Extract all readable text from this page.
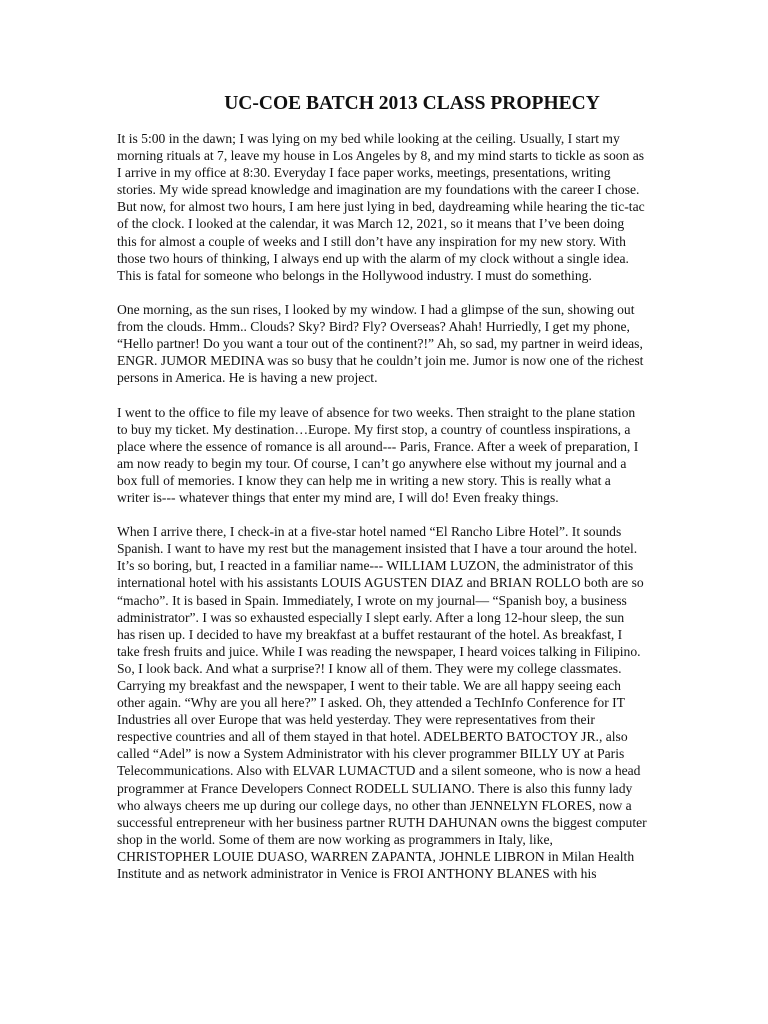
UC-COE BATCH 2013 CLASS PROPHECY
It is 5:00 in the dawn; I was lying on my bed while looking at the ceiling. Usually, I start my
morning rituals at 7, leave my house in Los Angeles by 8, and my mind starts to tickle as soon as
I arrive in my office at 8:30. Everyday I face paper works, meetings, presentations, writing
stories. My wide spread knowledge and imagination are my foundations with the career I chose.
But now, for almost two hours, I am here just lying in bed, daydreaming while hearing the tic-tac
of the clock. I looked at the calendar, it was March 12, 2021, so it means that I’ve been doing
this for almost a couple of weeks and I still don’t have any inspiration for my new story. With
those two hours of thinking, I always end up with the alarm of my clock without a single idea.
This is fatal for someone who belongs in the Hollywood industry. I must do something.
One morning, as the sun rises, I looked by my window. I had a glimpse of the sun, showing out
from the clouds. Hmm.. Clouds? Sky? Bird? Fly? Overseas? Ahah! Hurriedly, I get my phone,
“Hello partner! Do you want a tour out of the continent?!” Ah, so sad, my partner in weird ideas,
ENGR. JUMOR MEDINA was so busy that he couldn’t join me. Jumor is now one of the richest
persons in America. He is having a new project.
I went to the office to file my leave of absence for two weeks. Then straight to the plane station
to buy my ticket. My destination…Europe. My first stop, a country of countless inspirations, a
place where the essence of romance is all around--- Paris, France. After a week of preparation, I
am now ready to begin my tour. Of course, I can’t go anywhere else without my journal and a
box full of memories. I know they can help me in writing a new story. This is really what a
writer is--- whatever things that enter my mind are, I will do! Even freaky things.
When I arrive there, I check-in at a five-star hotel named “El Rancho Libre Hotel”. It sounds
Spanish. I want to have my rest but the management insisted that I have a tour around the hotel.
It’s so boring, but, I reacted in a familiar name--- WILLIAM LUZON, the administrator of this
international hotel with his assistants LOUIS AGUSTEN DIAZ and BRIAN ROLLO both are so
“macho”. It is based in Spain. Immediately, I wrote on my journal— “Spanish boy, a business
administrator”. I was so exhausted especially I slept early. After a long 12-hour sleep, the sun
has risen up. I decided to have my breakfast at a buffet restaurant of the hotel. As breakfast, I
take fresh fruits and juice. While I was reading the newspaper, I heard voices talking in Filipino.
So, I look back. And what a surprise?! I know all of them. They were my college classmates.
Carrying my breakfast and the newspaper, I went to their table. We are all happy seeing each
other again. “Why are you all here?” I asked. Oh, they attended a TechInfo Conference for IT
Industries all over Europe that was held yesterday. They were representatives from their
respective countries and all of them stayed in that hotel. ADELBERTO BATOCTOY JR., also
called “Adel” is now a System Administrator with his clever programmer BILLY UY at Paris
Telecommunications. Also with ELVAR LUMACTUD and a silent someone, who is now a head
programmer at France Developers Connect RODELL SULIANO. There is also this funny lady
who always cheers me up during our college days, no other than JENNELYN FLORES, now a
successful entrepreneur with her business partner RUTH DAHUNAN owns the biggest computer
shop in the world. Some of them are now working as programmers in Italy, like,
CHRISTOPHER LOUIE DUASO, WARREN ZAPANTA, JOHNLE LIBRON in Milan Health
Institute and as network administrator in Venice is FROI ANTHONY BLANES with his
